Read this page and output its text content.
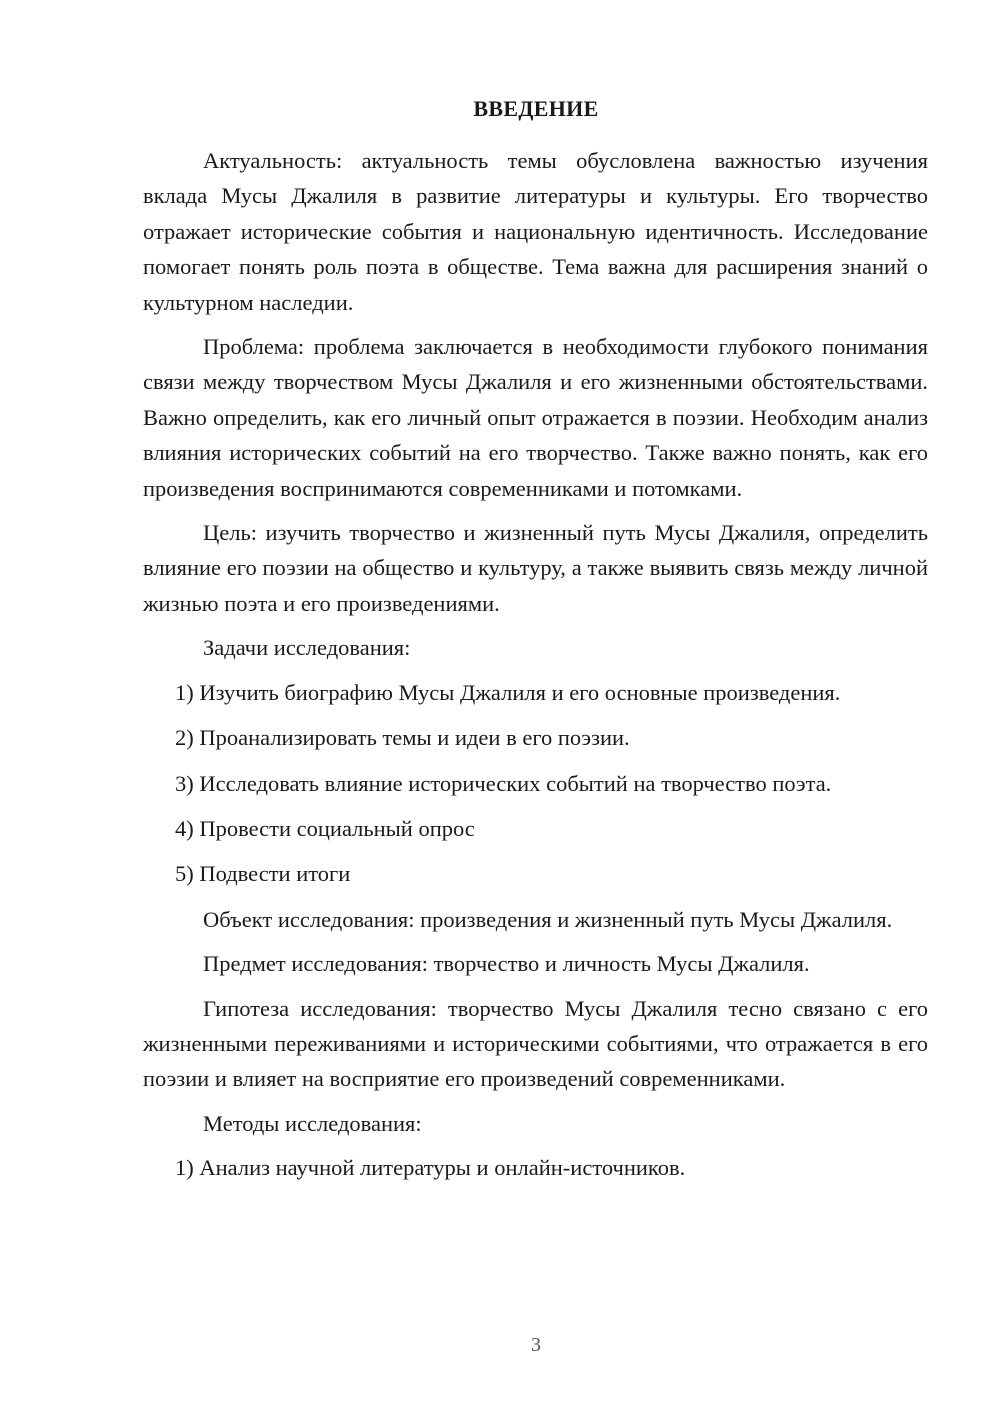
ВВЕДЕНИЕ

Актуальность: актуальность темы обусловлена важностью изучения вклада Мусы Джалиля в развитие литературы и культуры. Его творчество отражает исторические события и национальную идентичность. Исследование помогает понять роль поэта в обществе. Тема важна для расширения знаний о культурном наследии.

Проблема: проблема заключается в необходимости глубокого понимания связи между творчеством Мусы Джалиля и его жизненными обстоятельствами. Важно определить, как его личный опыт отражается в поэзии. Необходим анализ влияния исторических событий на его творчество. Также важно понять, как его произведения воспринимаются современниками и потомками.

Цель: изучить творчество и жизненный путь Мусы Джалиля, определить влияние его поэзии на общество и культуру, а также выявить связь между личной жизнью поэта и его произведениями.

Задачи исследования:

1) Изучить биографию Мусы Джалиля и его основные произведения.

2) Проанализировать темы и идеи в его поэзии.

3) Исследовать влияние исторических событий на творчество поэта.

4) Провести социальный опрос

5) Подвести итоги

Объект исследования: произведения и жизненный путь Мусы Джалиля.

Предмет исследования: творчество и личность Мусы Джалиля.

Гипотеза исследования: творчество Мусы Джалиля тесно связано с его жизненными переживаниями и историческими событиями, что отражается в его поэзии и влияет на восприятие его произведений современниками.

Методы исследования:

1) Анализ научной литературы и онлайн-источников.

3
